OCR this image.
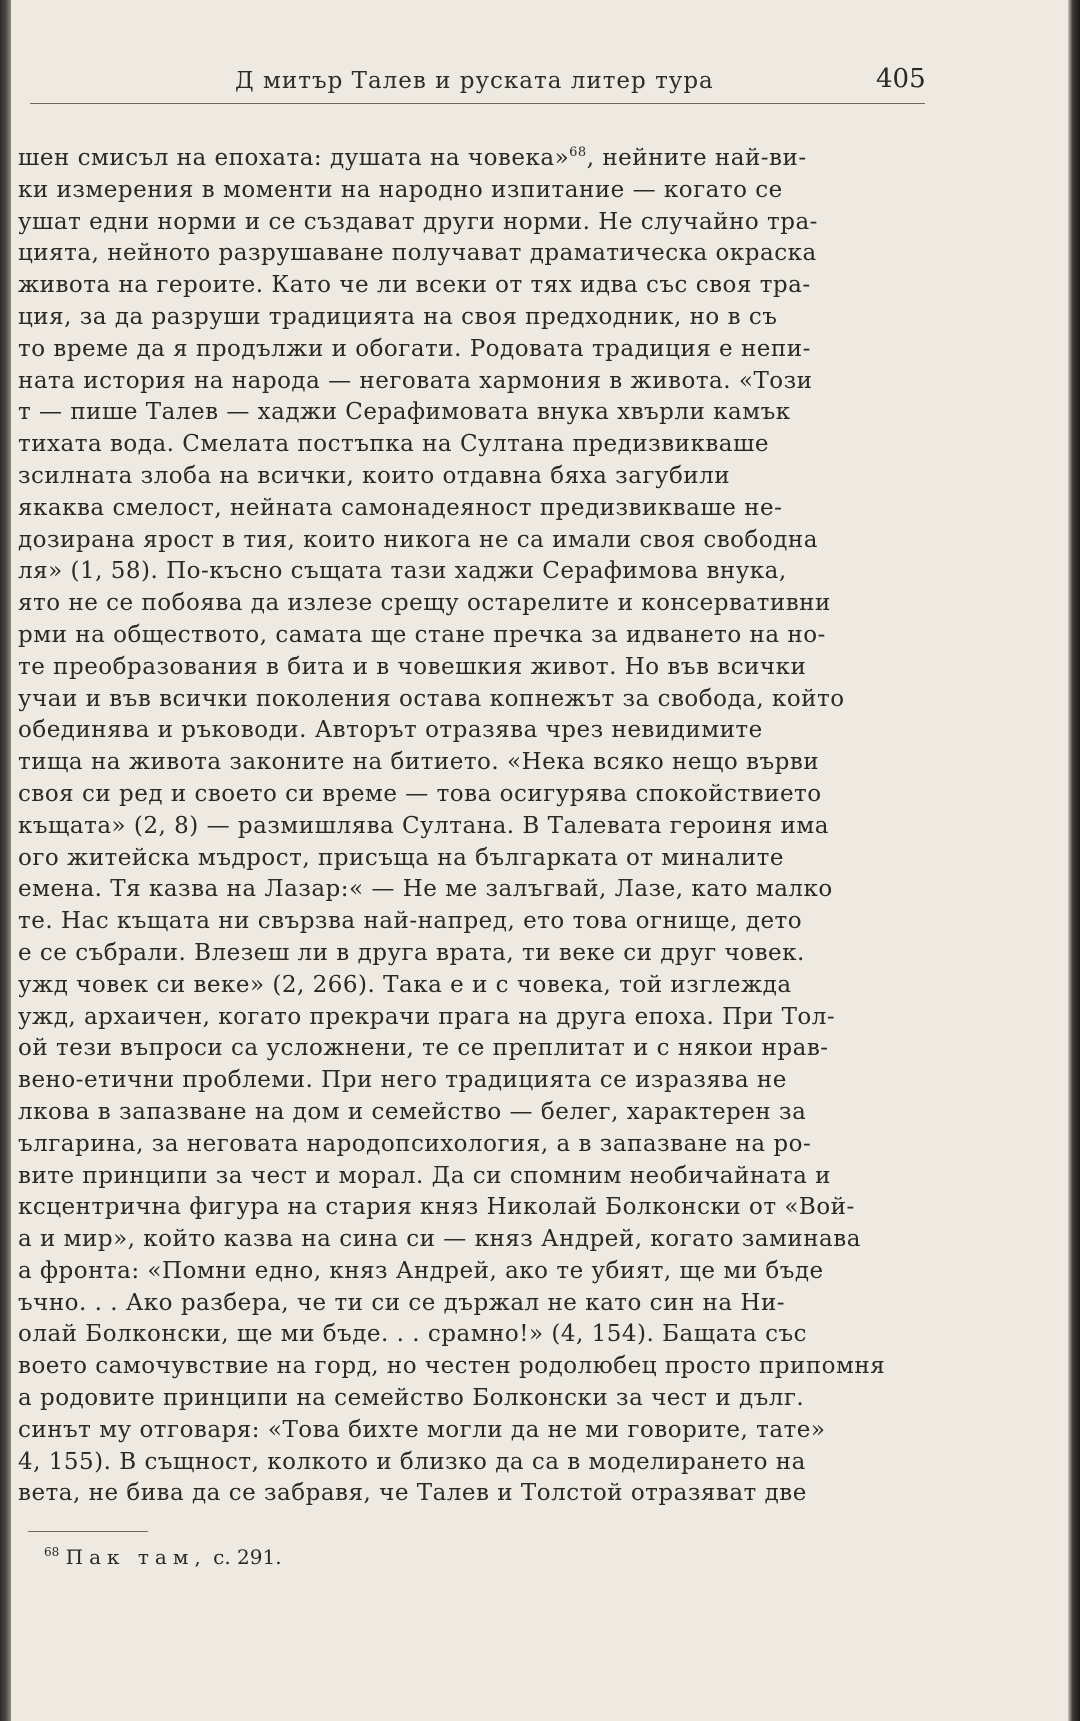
Д митър Талев и руската литер тура	405
шен смисъл на епохата: душата на човека»$^{68}$, нейните най-ви-
ки измерения в моменти на народно изпитание — когато се
ушат едни норми и се създават други норми. Не случайно тра-
цията, нейното разрушаване получават драматическа окраска
живота на героите. Като че ли всеки от тях идва със своя тра-
ция, за да разруши традицията на своя предходник, но в съ
то време да я продължи и обогати. Родовата традиция е непи-
ната история на народа — неговата хармония в живота. «Този
т — пише Талев — хаджи Серафимовата внука хвърли камък
тихата вода. Смелата постъпка на Султана предизвикваше
зсилната злоба на всички, които отдавна бяха загубили
якаква смелост, нейната самонадеяност предизвикваше не-
дозирана ярост в тия, които никога не са имали своя свободна
ля» (1, 58). По-късно същата тази хаджи Серафимова внука,
ято не се побоява да излезе срещу остарелите и консервативни
рми на обществото, самата ще стане пречка за идването на но-
те преобразования в бита и в човешкия живот. Но във всички
учаи и във всички поколения остава копнежът за свобода, който
обединява и ръководи. Авторът отразява чрез невидимите
тища на живота законите на битието. «Нека всяко нещо върви
своя си ред и своето си време — това осигурява спокойствието
къщата» (2, 8) — размишлява Султана. В Талевата героиня има
ого житейска мъдрост, присъща на българката от миналите
емена. Тя казва на Лазар:« — Не ме залъгвай, Лазе, като малко
те. Нас къщата ни свързва най-напред, ето това огнище, дето
е се събрали. Влезеш ли в друга врата, ти веке си друг човек.
ужд човек си веке» (2, 266). Така е и с човека, той изглежда
ужд, архаичен, когато прекрачи прага на друга епоха. При Тол-
ой тези въпроси са усложнени, те се преплитат и с някои нрав-
вено-етични проблеми. При него традицията се изразява не
лкова в запазване на дом и семейство — белег, характерен за
ългарина, за неговата народопсихология, а в запазване на ро-
вите принципи за чест и морал. Да си спомним необичайната и
ксцентрична фигура на стария княз Николай Болконски от «Вой-
а и мир», който казва на сина си — княз Андрей, когато заминава
а фронта: «Помни едно, княз Андрей, ако те убият, ще ми бъде
ъчно. . . Ако разбера, че ти си се държал не като син на Ни-
олай Болконски, ще ми бъде. . . срамно!» (4, 154). Бащата със
воето самочувствие на горд, но честен родолюбец просто припомня
а родовите принципи на семейство Болконски за чест и дълг.
синът му отговаря: «Това бихте могли да не ми говорите, тате»
4, 155). В същност, колкото и близко да са в моделирането на
вета, не бива да се забравя, че Талев и Толстой отразяват две
$^{68}$ Пак там, с. 291.
